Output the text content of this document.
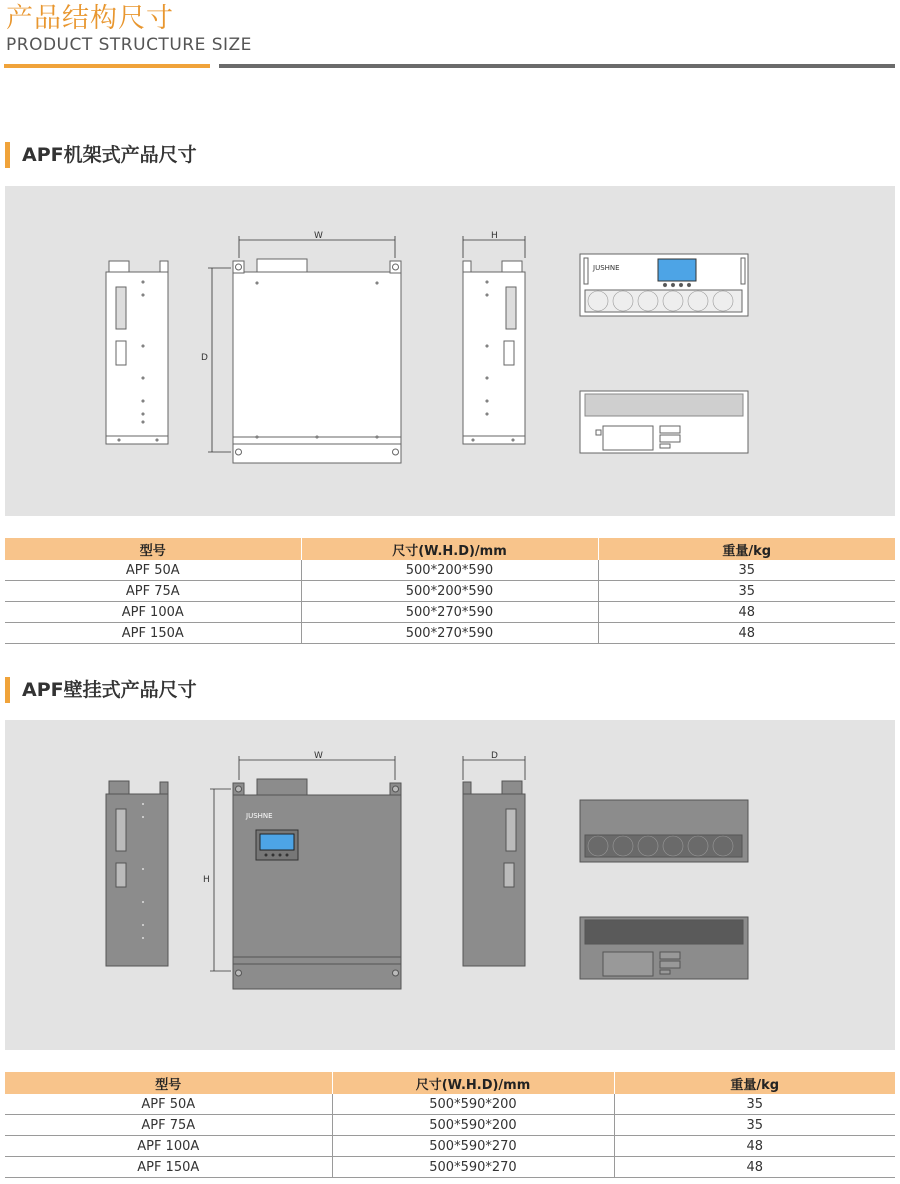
产品结构尺寸
PRODUCT STRUCTURE SIZE
APF机架式产品尺寸
JUSHNE
W
D
H
型号	尺寸(W.H.D)/mm	重量/kg
APF 50A	500*200*590	35
APF 75A	500*200*590	35
APF 100A	500*270*590	48
APF 150A	500*270*590	48
APF壁挂式产品尺寸
JUSHNE
W
H
D
型号	尺寸(W.H.D)/mm	重量/kg
APF 50A	500*590*200	35
APF 75A	500*590*200	35
APF 100A	500*590*270	48
APF 150A	500*590*270	48
